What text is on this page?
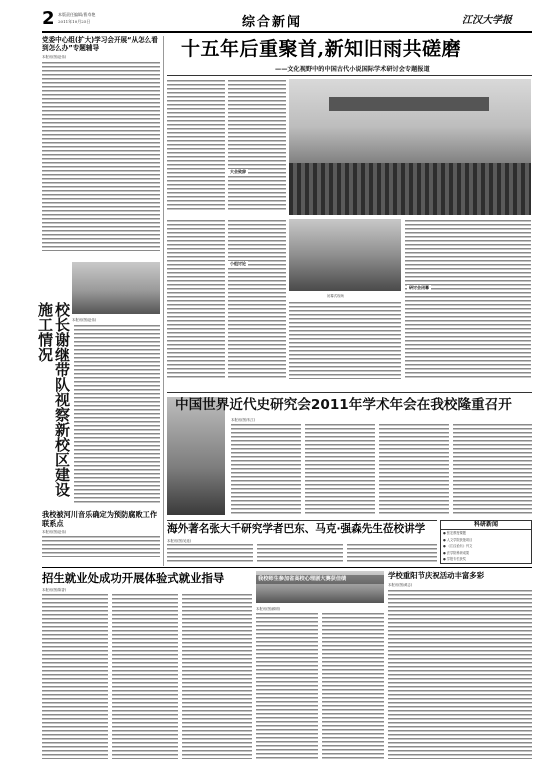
2 本版责任编辑/曹寿艳
2011年10月25日	综合新闻	江汉大学报
党委中心组(扩大)学习会开展“从怎么看到怎么办”专题辅导
本报讯(图/赵伟)
校长谢继带队视察新校区建设施工情况	本报讯(图/赵伟)
我校被河川音乐确定为预防腐败工作联系点
本报讯(图/赵伟)
十五年后重聚首,新知旧雨共磋磨
——文化视野中的中国古代小说国际学术研讨会专题报道
大会致辞
小组讨论
闭幕式现场
研讨会闭幕
中国世界近代史研究会2011年学术年会在我校隆重召开
本报讯(图/朱江)
海外著名张大千研究学者巴东、马克·强森先生莅校讲学
本报讯(图/吴延)
科研新闻
● 张宏教授课题
● 人文学院获批项目
● 《江汉论坛》刊文
● 法学院科研成果
● 学报专栏获奖
招生就业处成功开展体验式就业指导
本报讯(图/陈香)
我校师生参加省高校心理剧大赛获佳绩
本报讯(图/顾明)
学校重阳节庆祝活动丰富多彩
本报讯(图/黄志)
